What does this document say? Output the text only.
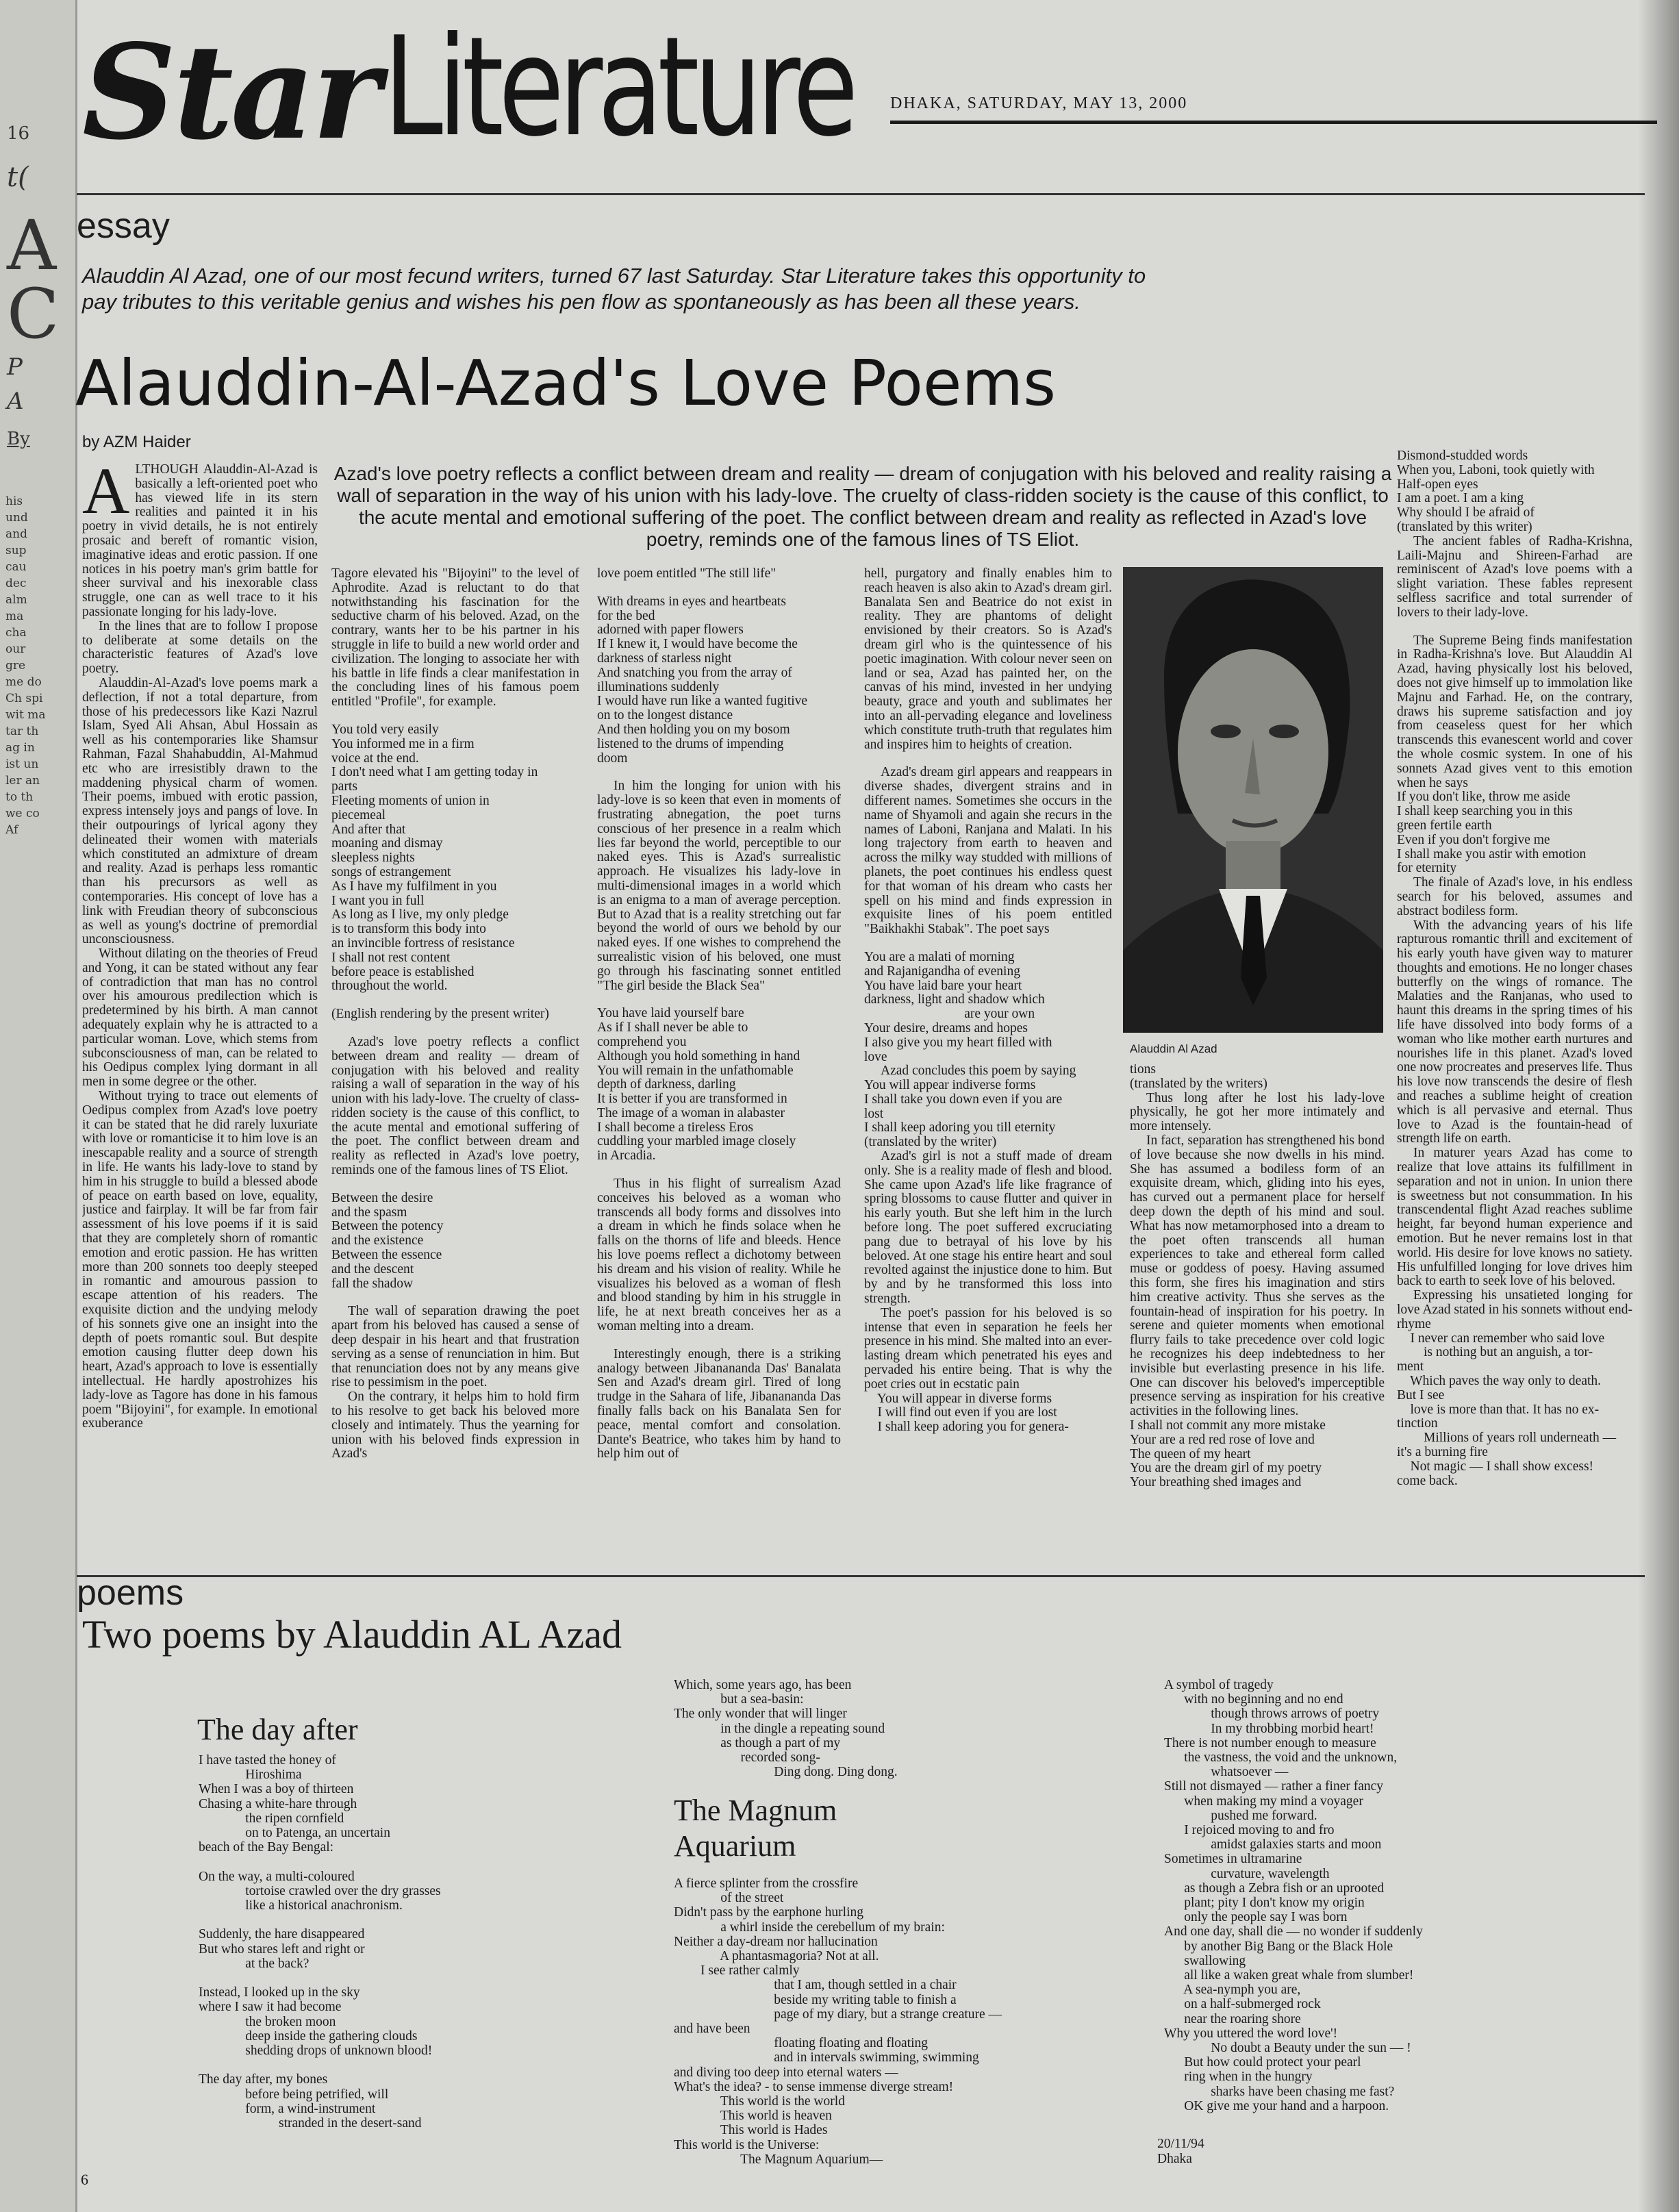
16
t(
A
C
P
A
By
his und and sup cau dec alm ma cha our gre me do Ch spi wit ma tar th ag in ist un ler an to th we co Af
Star Literature DHAKA, SATURDAY, MAY 13, 2000
essay
Alauddin Al Azad, one of our most fecund writers, turned 67 last Saturday. Star Literature takes this opportunity to pay tributes to this veritable genius and wishes his pen flow as spontaneously as has been all these years.
Alauddin-Al-Azad's Love Poems
by AZM Haider
Azad's love poetry reflects a conflict between dream and reality — dream of conjugation with his beloved and reality raising a wall of separation in the way of his union with his lady-love. The cruelty of class-ridden society is the cause of this conflict, to the acute mental and emotional suffering of the poet. The conflict between dream and reality as reflected in Azad's love poetry, reminds one of the famous lines of TS Eliot.
A LTHOUGH Alauddin-Al-Azad is basically a left-oriented poet who has viewed life in its stern realities and painted it in his poetry in vivid details, he is not entirely prosaic and bereft of romantic vision, imaginative ideas and erotic passion. If one notices in his poetry man's grim battle for sheer survival and his inexorable class struggle, one can as well trace to it his passionate longing for his lady-love.

In the lines that are to follow I propose to deliberate at some details on the characteristic features of Azad's love poetry.

Alauddin-Al-Azad's love poems mark a deflection, if not a total departure, from those of his predecessors like Kazi Nazrul Islam, Syed Ali Ahsan, Abul Hossain as well as his contemporaries like Shamsur Rahman, Fazal Shahabuddin, Al-Mahmud etc who are irresistibly drawn to the maddening physical charm of women. Their poems, imbued with erotic passion, express intensely joys and pangs of love. In their outpourings of lyrical agony they delineated their women with materials which constituted an admixture of dream and reality. Azad is perhaps less romantic than his precursors as well as contemporaries. His concept of love has a link with Freudian theory of subconscious as well as young's doctrine of premordial unconsciousness.

Without dilating on the theories of Freud and Yong, it can be stated without any fear of contradiction that man has no control over his amourous predilection which is predetermined by his birth. A man cannot adequately explain why he is attracted to a particular woman. Love, which stems from subconsciousness of man, can be related to his Oedipus complex lying dormant in all men in some degree or the other.

Without trying to trace out elements of Oedipus complex from Azad's love poetry it can be stated that he did rarely luxuriate with love or romanticise it to him love is an inescapable reality and a source of strength in life. He wants his lady-love to stand by him in his struggle to build a blessed abode of peace on earth based on love, equality, justice and fairplay. It will be far from fair assessment of his love poems if it is said that they are completely shorn of romantic emotion and erotic passion. He has written more than 200 sonnets too deeply steeped in romantic and amourous passion to escape attention of his readers. The exquisite diction and the undying melody of his sonnets give one an insight into the depth of poets romantic soul. But despite emotion causing flutter deep down his heart, Azad's approach to love is essentially intellectual. He hardly apostrohizes his lady-love as Tagore has done in his famous poem "Bijoyini", for example. In emotional exuberance

Tagore elevated his "Bijoyini" to the level of Aphrodite. Azad is reluctant to do that notwithstanding his fascination for the seductive charm of his beloved. Azad, on the contrary, wants her to be his partner in his struggle in life to build a new world order and civilization. The longing to associate her with his battle in life finds a clear manifestation in the concluding lines of his famous poem entitled "Profile", for example.

You told very easily
You informed me in a firm
voice at the end.
I don't need what I am getting today in
parts
Fleeting moments of union in
piecemeal
And after that
moaning and dismay
sleepless nights
songs of estrangement
As I have my fulfilment in you
I want you in full
As long as I live, my only pledge
is to transform this body into
an invincible fortress of resistance
I shall not rest content
before peace is established
throughout the world.

(English rendering by the present writer)

Azad's love poetry reflects a conflict between dream and reality — dream of conjugation with his beloved and reality raising a wall of separation in the way of his union with his lady-love. The cruelty of class-ridden society is the cause of this conflict, to the acute mental and emotional suffering of the poet. The conflict between dream and reality as reflected in Azad's love poetry, reminds one of the famous lines of TS Eliot.

Between the desire
and the spasm
Between the potency
and the existence
Between the essence
and the descent
fall the shadow

The wall of separation drawing the poet apart from his beloved has caused a sense of deep despair in his heart and that frustration serving as a sense of renunciation in him. But that renunciation does not by any means give rise to pessimism in the poet.

On the contrary, it helps him to hold firm to his resolve to get back his beloved more closely and intimately. Thus the yearning for union with his beloved finds expression in Azad's

love poem entitled "The still life"

With dreams in eyes and heartbeats
for the bed
adorned with paper flowers
If I knew it, I would have become the
darkness of starless night
And snatching you from the array of
illuminations suddenly
I would have run like a wanted fugitive
on to the longest distance
And then holding you on my bosom
listened to the drums of impending
doom

In him the longing for union with his lady-love is so keen that even in moments of frustrating abnegation, the poet turns conscious of her presence in a realm which lies far beyond the world, perceptible to our naked eyes. This is Azad's surrealistic approach. He visualizes his lady-love in multi-dimensional images in a world which is an enigma to a man of average perception. But to Azad that is a reality stretching out far beyond the world of ours we behold by our naked eyes. If one wishes to comprehend the surrealistic vision of his beloved, one must go through his fascinating sonnet entitled "The girl beside the Black Sea"

You have laid yourself bare
As if I shall never be able to
comprehend you
Although you hold something in hand
You will remain in the unfathomable
depth of darkness, darling
It is better if you are transformed in
The image of a woman in alabaster
I shall become a tireless Eros
cuddling your marbled image closely
in Arcadia.

Thus in his flight of surrealism Azad conceives his beloved as a woman who transcends all body forms and dissolves into a dream in which he finds solace when he falls on the thorns of life and bleeds. Hence his love poems reflect a dichotomy between his dream and his vision of reality. While he visualizes his beloved as a woman of flesh and blood standing by him in his struggle in life, he at next breath conceives her as a woman melting into a dream.

Interestingly enough, there is a striking analogy between Jibanananda Das' Banalata Sen and Azad's dream girl. Tired of long trudge in the Sahara of life, Jibanananda Das finally falls back on his Banalata Sen for peace, mental comfort and consolation. Dante's Beatrice, who takes him by hand to help him out of

hell, purgatory and finally enables him to reach heaven is also akin to Azad's dream girl. Banalata Sen and Beatrice do not exist in reality. They are phantoms of delight envisioned by their creators. So is Azad's dream girl who is the quintessence of his poetic imagination. With colour never seen on land or sea, Azad has painted her, on the canvas of his mind, invested in her undying beauty, grace and youth and sublimates her into an all-pervading elegance and loveliness which constitute truth-truth that regulates him and inspires him to heights of creation.

Azad's dream girl appears and reappears in diverse shades, divergent strains and in different names. Sometimes she occurs in the name of Shyamoli and again she recurs in the names of Laboni, Ranjana and Malati. In his long trajectory from earth to heaven and across the milky way studded with millions of planets, the poet continues his endless quest for that woman of his dream who casts her spell on his mind and finds expression in exquisite lines of his poem entitled "Baikhakhi Stabak". The poet says

You are a malati of morning
and Rajanigandha of evening
You have laid bare your heart
darkness, light and shadow which
are your own
Your desire, dreams and hopes
I also give you my heart filled with
love

Azad concludes this poem by saying
You will appear indiverse forms
I shall take you down even if you are
lost
I shall keep adoring you till eternity
(translated by the writer)

Azad's girl is not a stuff made of dream only. She is a reality made of flesh and blood. She came upon Azad's life like fragrance of spring blossoms to cause flutter and quiver in his early youth. But she left him in the lurch before long. The poet suffered excruciating pang due to betrayal of his love by his beloved. At one stage his entire heart and soul revolted against the injustice done to him. But by and by he transformed this loss into strength.

The poet's passion for his beloved is so intense that even in separation he feels her presence in his mind. She malted into an ever-lasting dream which penetrated his eyes and pervaded his entire being. That is why the poet cries out in ecstatic pain

You will appear in diverse forms
I will find out even if you are lost
I shall keep adoring you for genera-

Alauddin Al Azad

tions
(translated by the writers)

Thus long after he lost his lady-love physically, he got her more intimately and more intensely.

In fact, separation has strengthened his bond of love because she now dwells in his mind. She has assumed a bodiless form of an exquisite dream, which, gliding into his eyes, has curved out a permanent place for herself deep down the depth of his mind and soul. What has now metamorphosed into a dream to the poet often transcends all human experiences to take and ethereal form called muse or goddess of poesy. Having assumed this form, she fires his imagination and stirs him creative activity. Thus she serves as the fountain-head of inspiration for his poetry. In serene and quieter moments when emotional flurry fails to take precedence over cold logic he recognizes his deep indebtedness to her invisible but everlasting presence in his life. One can discover his beloved's imperceptible presence serving as inspiration for his creative activities in the following lines.

I shall not commit any more mistake
Your are a red red rose of love and
The queen of my heart
You are the dream girl of my poetry
Your breathing shed images and

Dismond-studded words
When you, Laboni, took quietly with
Half-open eyes
I am a poet. I am a king
Why should I be afraid of
(translated by this writer)

The ancient fables of Radha-Krishna, Laili-Majnu and Shireen-Farhad are reminiscent of Azad's love poems with a slight variation. These fables represent selfless sacrifice and total surrender of lovers to their lady-love.

The Supreme Being finds manifestation in Radha-Krishna's love. But Alauddin Al Azad, having physically lost his beloved, does not give himself up to immolation like Majnu and Farhad. He, on the contrary, draws his supreme satisfaction and joy from ceaseless quest for her which transcends this evanescent world and cover the whole cosmic system. In one of his sonnets Azad gives vent to this emotion when he says

If you don't like, throw me aside
I shall keep searching you in this
green fertile earth
Even if you don't forgive me
I shall make you astir with emotion
for eternity

The finale of Azad's love, in his endless search for his beloved, assumes and abstract bodiless form.

With the advancing years of his life rapturous romantic thrill and excitement of his early youth have given way to maturer thoughts and emotions. He no longer chases butterfly on the wings of romance. The Malaties and the Ranjanas, who used to haunt this dreams in the spring times of his life have dissolved into body forms of a woman who like mother earth nurtures and nourishes life in this planet. Azad's loved one now procreates and preserves life. Thus his love now transcends the desire of flesh and reaches a sublime height of creation which is all pervasive and eternal. Thus love to Azad is the fountain-head of strength life on earth.

In maturer years Azad has come to realize that love attains its fulfillment in separation and not in union. In union there is sweetness but not consummation. In his transcendental flight Azad reaches sublime height, far beyond human experience and emotion. But he never remains lost in that world. His desire for love knows no satiety. His unfulfilled longing for love drives him back to earth to seek love of his beloved.

Expressing his unsatieted longing for love Azad stated in his sonnets without end-rhyme

I never can remember who said love
is nothing but an anguish, a tor-
ment
Which paves the way only to death.
But I see
love is more than that. It has no ex-
tinction
Millions of years roll underneath —
it's a burning fire
Not magic — I shall show excess!
come back.

poems
Two poems by Alauddin AL Azad
The day after
I have tasted the honey of
Hiroshima
When I was a boy of thirteen
Chasing a white-hare through
the ripen cornfield
on to Patenga, an uncertain
beach of the Bay Bengal:

On the way, a multi-coloured
tortoise crawled over the dry grasses
like a historical anachronism.

Suddenly, the hare disappeared
But who stares left and right or
at the back?

Instead, I looked up in the sky
where I saw it had become
the broken moon
deep inside the gathering clouds
shedding drops of unknown blood!

The day after, my bones
before being petrified, will
form, a wind-instrument
stranded in the desert-sand
Which, some years ago, has been
but a sea-basin:
The only wonder that will linger
in the dingle a repeating sound
as though a part of my
recorded song-
Ding dong. Ding dong.
The Magnum Aquarium
A fierce splinter from the crossfire
of the street
Didn't pass by the earphone hurling
a whirl inside the cerebellum of my brain:
Neither a day-dream nor hallucination
A phantasmagoria? Not at all.
I see rather calmly
that I am, though settled in a chair
beside my writing table to finish a
page of my diary, but a strange creature —
and have been
floating floating and floating
and in intervals swimming, swimming
and diving too deep into eternal waters —
What's the idea? - to sense immense diverge stream!
This world is the world
This world is heaven
This world is Hades
This world is the Universe:
The Magnum Aquarium—
A symbol of tragedy
with no beginning and no end
though throws arrows of poetry
In my throbbing morbid heart!
There is not number enough to measure
the vastness, the void and the unknown,
whatsoever —
Still not dismayed — rather a finer fancy
when making my mind a voyager
pushed me forward.
I rejoiced moving to and fro
amidst galaxies starts and moon
Sometimes in ultramarine
curvature, wavelength
as though a Zebra fish or an uprooted
plant; pity I don't know my origin
only the people say I was born
And one day, shall die — no wonder if suddenly
by another Big Bang or the Black Hole
swallowing
all like a waken great whale from slumber!
A sea-nymph you are,
on a half-submerged rock
near the roaring shore
Why you uttered the word love'!
No doubt a Beauty under the sun — !
But how could protect your pearl
ring when in the hungry
sharks have been chasing me fast?
OK give me your hand and a harpoon.
20/11/94
Dhaka
6
